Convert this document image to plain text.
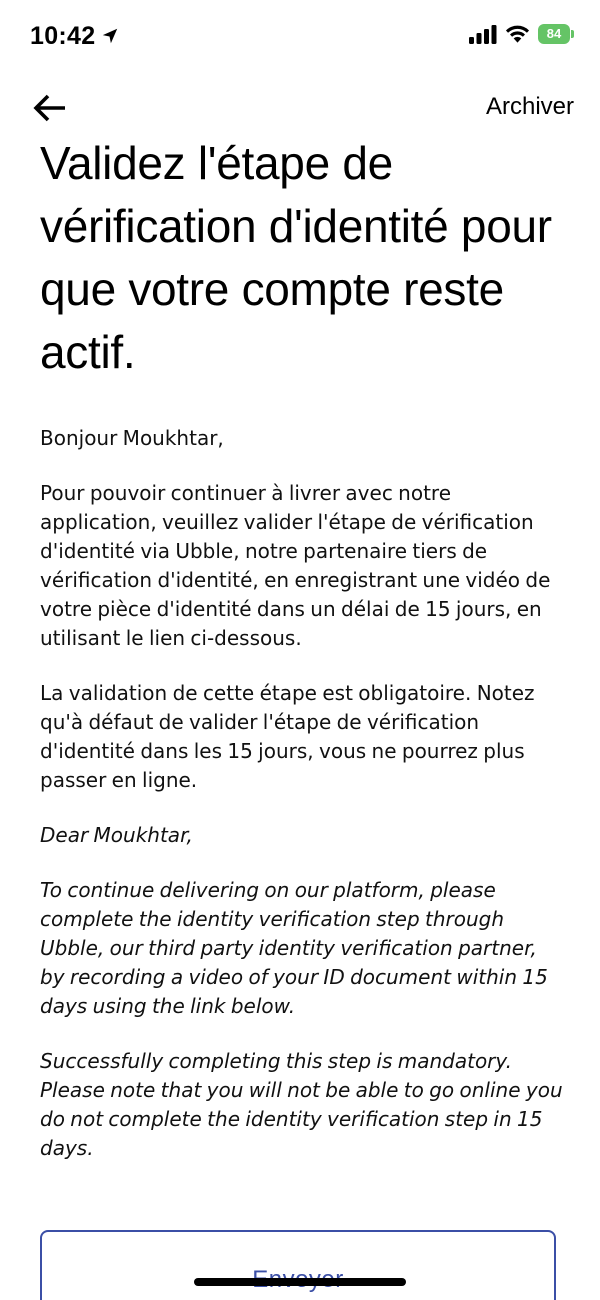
10:42	84
Archiver
Validez l'étape de vérification d'identité pour que votre compte reste actif.

Bonjour Moukhtar,

Pour pouvoir continuer à livrer avec notre application, veuillez valider l'étape de vérification d'identité via Ubble, notre partenaire tiers de vérification d'identité, en enregistrant une vidéo de votre pièce d'identité dans un délai de 15 jours, en utilisant le lien ci-dessous.

La validation de cette étape est obligatoire. Notez qu'à défaut de valider l'étape de vérification d'identité dans les 15 jours, vous ne pourrez plus passer en ligne.

Dear Moukhtar,

To continue delivering on our platform, please complete the identity verification step through Ubble, our third party identity verification partner, by recording a video of your ID document within 15 days using the link below.

Successfully completing this step is mandatory. Please note that you will not be able to go online you do not complete the identity verification step in 15 days.
